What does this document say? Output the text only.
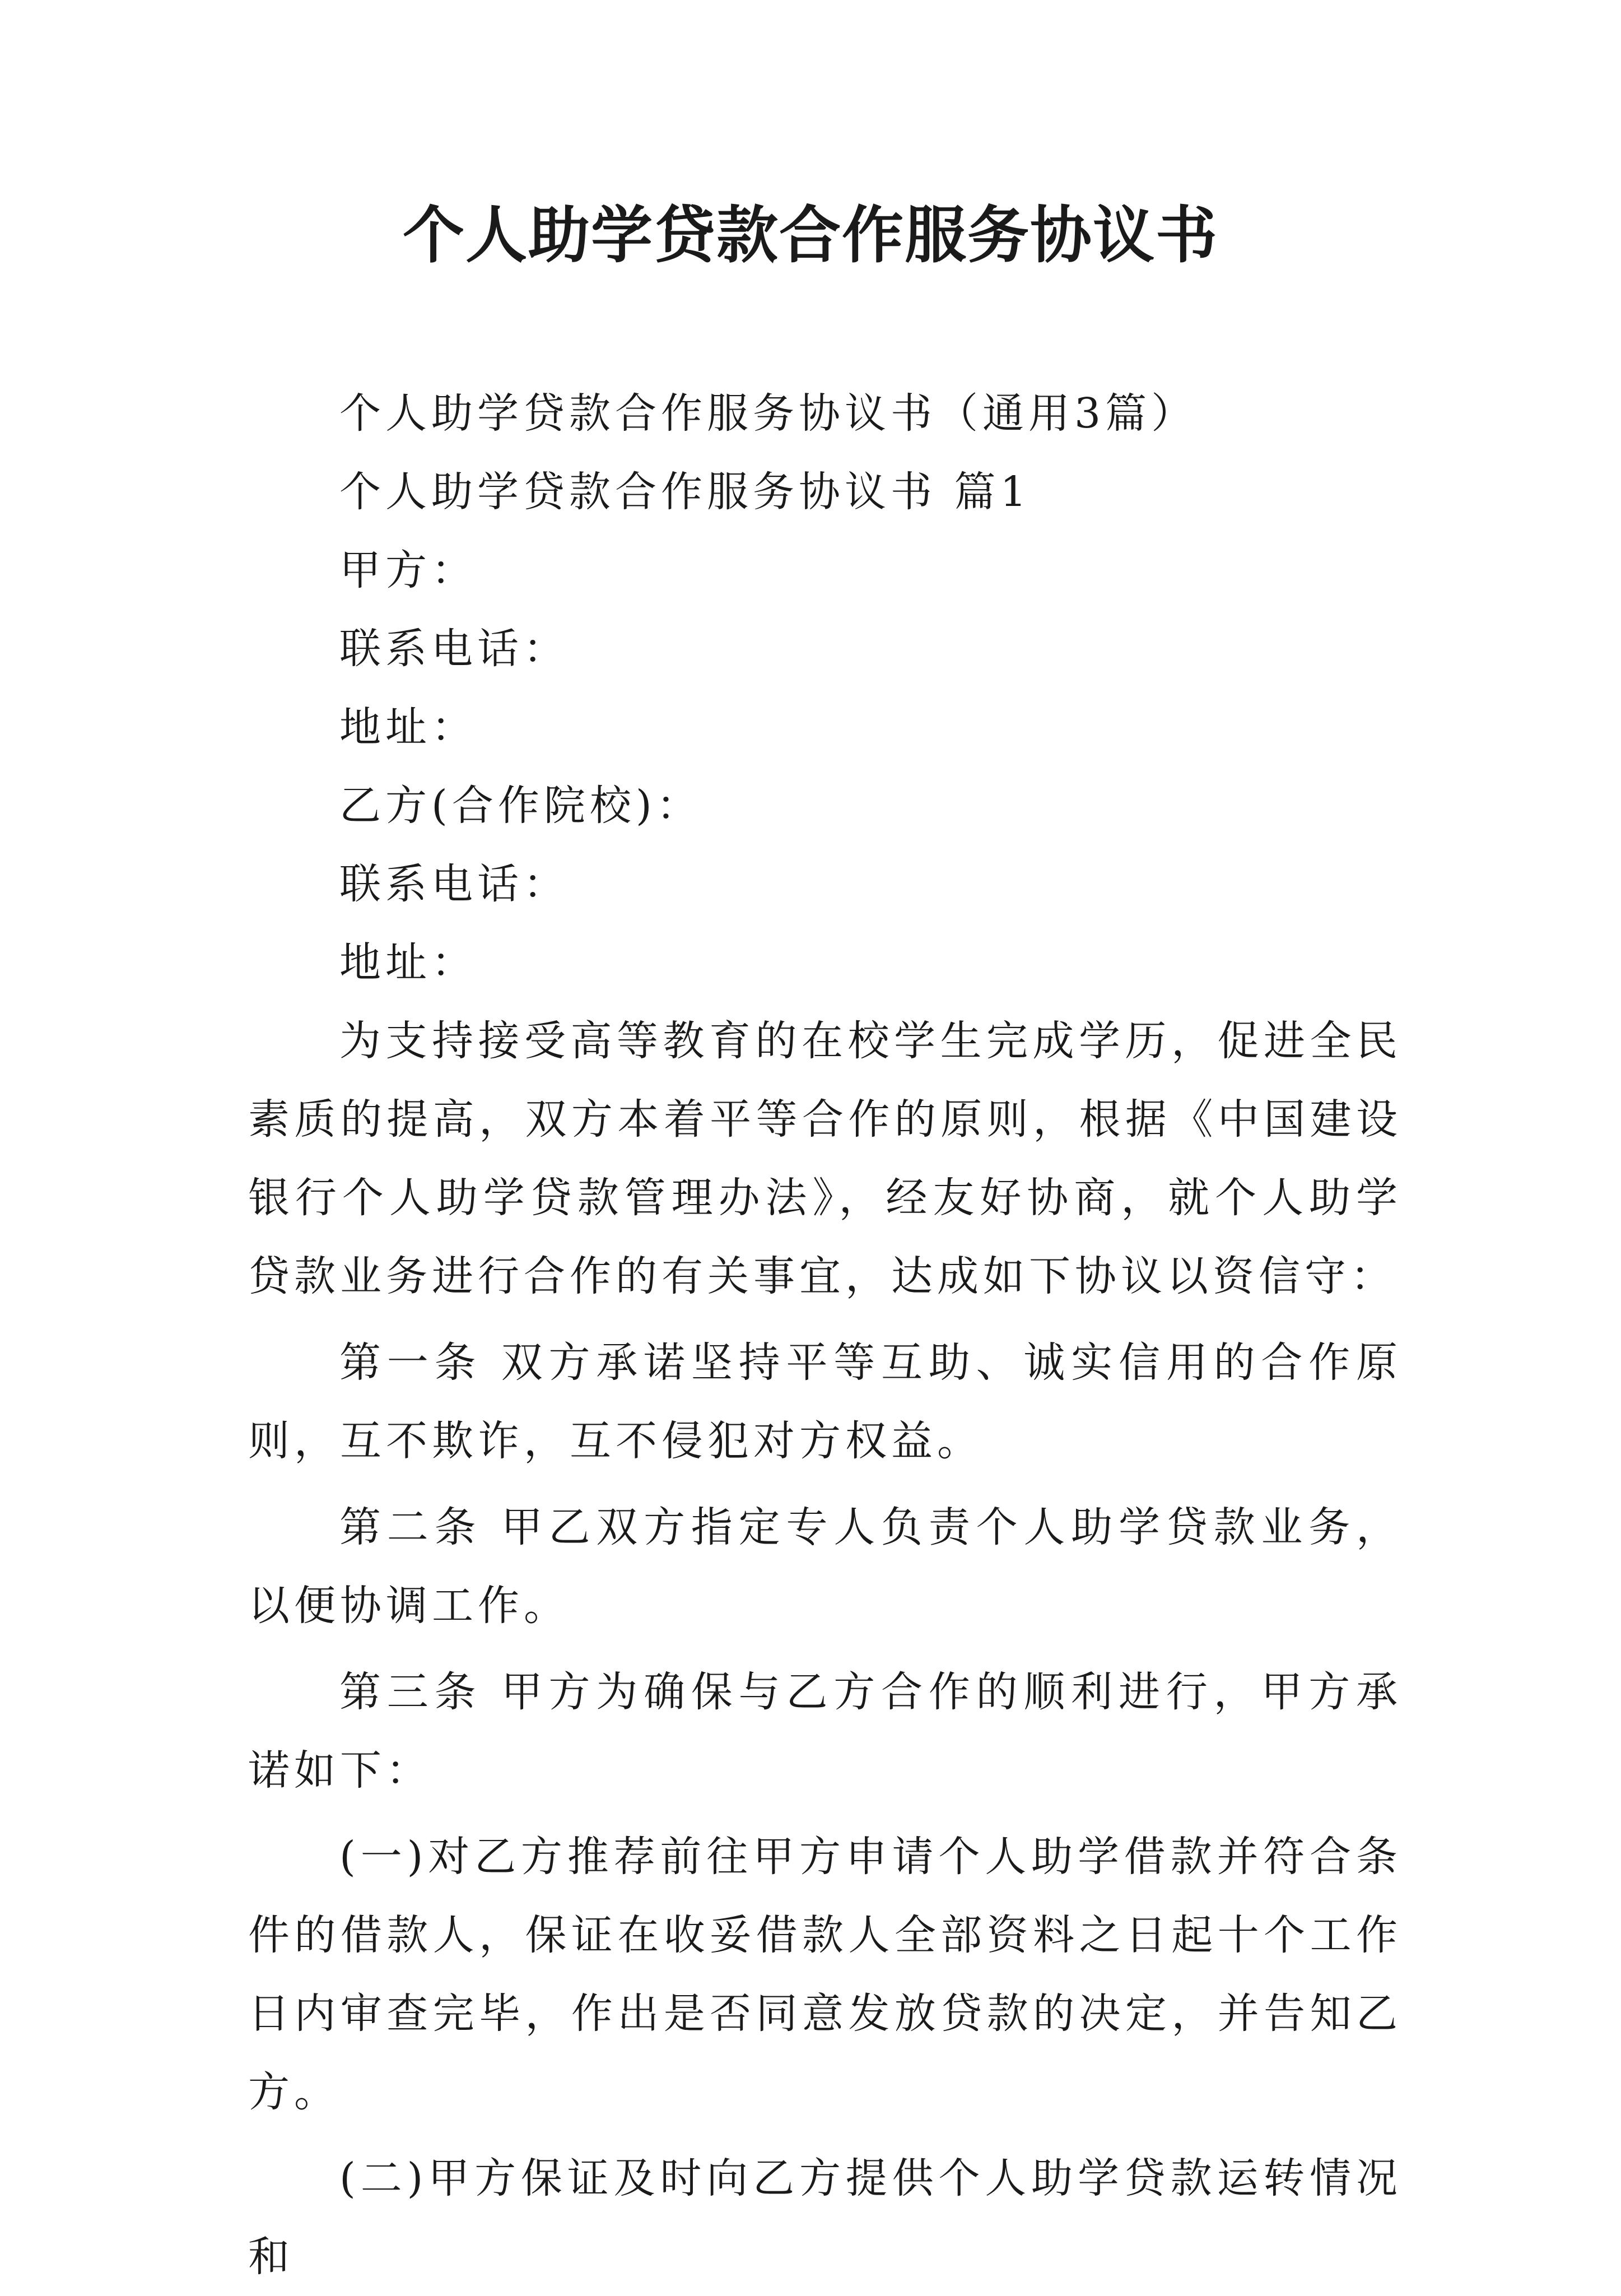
个人助学贷款合作服务协议书
个人助学贷款合作服务协议书（通用3篇）
个人助学贷款合作服务协议书 篇1
甲方：
联系电话：
地址：
乙方(合作院校)：
联系电话：
地址：
为支持接受高等教育的在校学生完成学历，促进全民素质的提高，双方本着平等合作的原则，根据《中国建设银行个人助学贷款管理办法》，经友好协商，就个人助学贷款业务进行合作的有关事宜，达成如下协议以资信守：
第一条 双方承诺坚持平等互助、诚实信用的合作原则，互不欺诈，互不侵犯对方权益。
第二条 甲乙双方指定专人负责个人助学贷款业务，以便协调工作。
第三条 甲方为确保与乙方合作的顺利进行，甲方承诺如下：
(一)对乙方推荐前往甲方申请个人助学借款并符合条件的借款人，保证在收妥借款人全部资料之日起十个工作日内审查完毕，作出是否同意发放贷款的决定，并告知乙方。
(二)甲方保证及时向乙方提供个人助学贷款运转情况和
